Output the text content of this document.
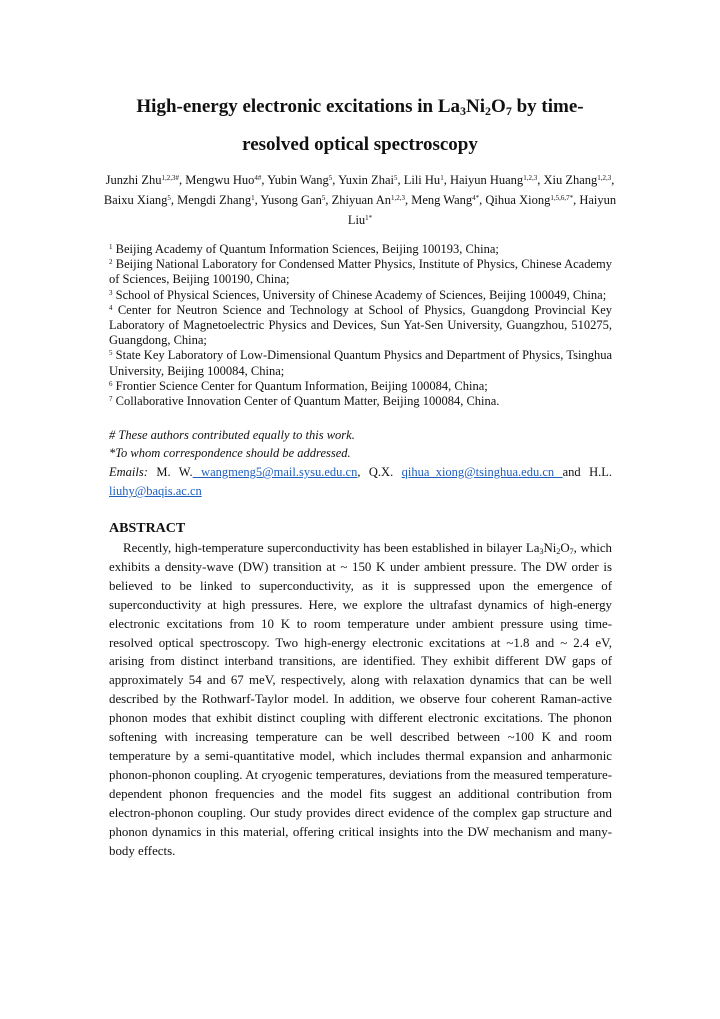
High-energy electronic excitations in $La_3Ni_2O_7$ by time-
resolved optical spectroscopy
Junzhi Zhu$^{1,2,3\#}$, Mengwu Huo$^{4\#}$, Yubin Wang$^5$, Yuxin Zhai$^5$, Lili Hu$^1$, Haiyun Huang$^{1,2,3}$, Xiu Zhang$^{1,2,3}$, Baixu Xiang$^5$, Mengdi Zhang$^1$, Yusong Gan$^5$, Zhiyuan An$^{1,2,3}$, Meng Wang$^{4*}$, Qihua Xiong$^{1,5,6,7*}$, Haiyun Liu$^{1*}$

$^1$ Beijing Academy of Quantum Information Sciences, Beijing 100193, China;

$^2$ Beijing National Laboratory for Condensed Matter Physics, Institute of Physics, Chinese Academy of Sciences, Beijing 100190, China;

$^3$ School of Physical Sciences, University of Chinese Academy of Sciences, Beijing 100049, China;

$^4$ Center for Neutron Science and Technology at School of Physics, Guangdong Provincial Key Laboratory of Magnetoelectric Physics and Devices, Sun Yat-Sen University, Guangzhou, 510275, Guangdong, China;

$^5$ State Key Laboratory of Low-Dimensional Quantum Physics and Department of Physics, Tsinghua University, Beijing 100084, China;

$^6$ Frontier Science Center for Quantum Information, Beijing 100084, China;

$^7$ Collaborative Innovation Center of Quantum Matter, Beijing 100084, China.

# These authors contributed equally to this work.
*To whom correspondence should be addressed.
Emails: M. W. wangmeng5@mail.sysu.edu.cn, Q.X. qihua_xiong@tsinghua.edu.cn and H.L. liuhy@baqis.ac.cn
ABSTRACT

Recently, high-temperature superconductivity has been established in bilayer $La_3Ni_2O_7$, which exhibits a density-wave (DW) transition at ~ 150 K under ambient pressure. The DW order is believed to be linked to superconductivity, as it is suppressed upon the emergence of superconductivity at high pressures. Here, we explore the ultrafast dynamics of high-energy electronic excitations from 10 K to room temperature under ambient pressure using time-resolved optical spectroscopy. Two high-energy electronic excitations at ~1.8 and ~ 2.4 eV, arising from distinct interband transitions, are identified. They exhibit different DW gaps of approximately 54 and 67 meV, respectively, along with relaxation dynamics that can be well described by the Rothwarf-Taylor model. In addition, we observe four coherent Raman-active phonon modes that exhibit distinct coupling with different electronic excitations. The phonon softening with increasing temperature can be well described between ~100 K and room temperature by a semi-quantitative model, which includes thermal expansion and anharmonic phonon-phonon coupling. At cryogenic temperatures, deviations from the measured temperature-dependent phonon frequencies and the model fits suggest an additional contribution from electron-phonon coupling. Our study provides direct evidence of the complex gap structure and phonon dynamics in this material, offering critical insights into the DW mechanism and many-body effects.
